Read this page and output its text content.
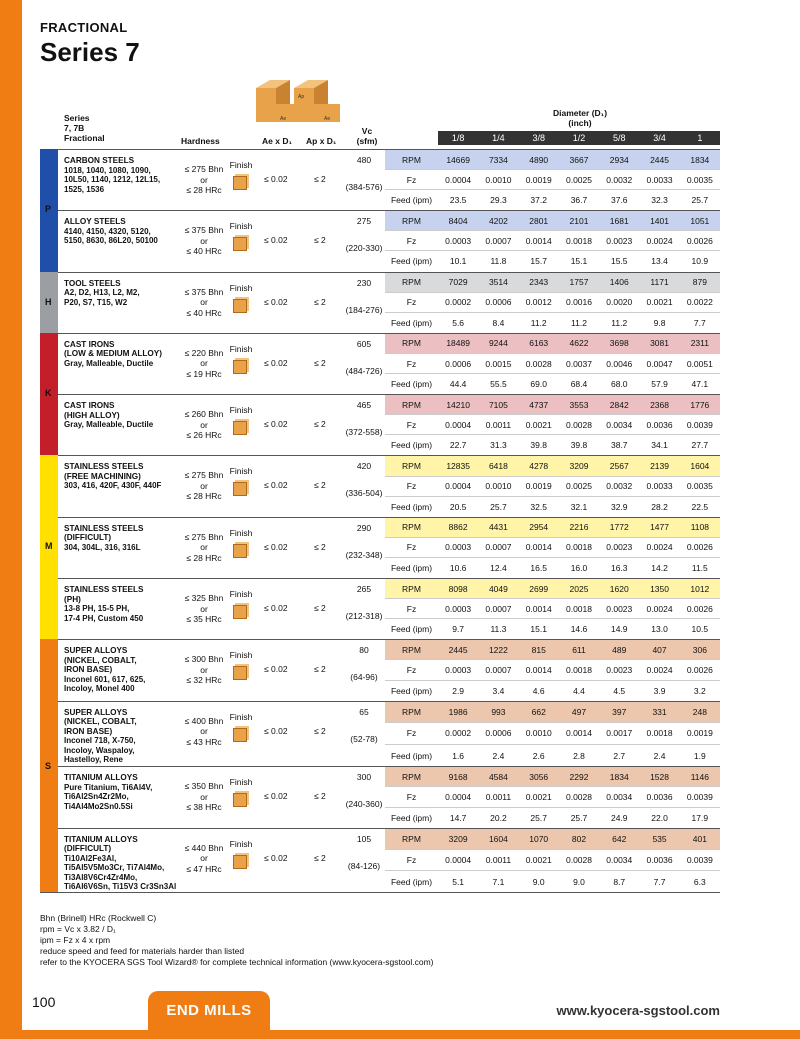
FRACTIONAL
Series 7
Ap
Ae	Ae
Series
7, 7B
Fractional	Hardness	Ae x D₁ Ap x D₁
Vc
(sfm)
Diameter (D₁)
(inch)
1/8	1/4	3/8	1/2	5/8	3/4	1
CARBON STEELS
1018, 1040, 1080, 1090,
10L50, 1140, 1212, 12L15,
1525, 1536
≤ 275 Bhn
or
≤ 28 HRc
Finish
≤ 0.02	≤ 2
480
(384-576)
RPM	14669	7334	4890	3667	2934	2445	1834
Fz	0.0004	0.0010	0.0019	0.0025	0.0032	0.0033	0.0035
Feed (ipm)	23.5	29.3	37.2	36.7	37.6	32.3	25.7
ALLOY STEELS
4140, 4150, 4320, 5120,
5150, 8630, 86L20, 50100
≤ 375 Bhn
or
≤ 40 HRc
Finish
≤ 0.02	≤ 2
275
(220-330)
RPM	8404	4202	2801	2101	1681	1401	1051
Fz	0.0003	0.0007	0.0014	0.0018	0.0023	0.0024	0.0026
Feed (ipm)	10.1	11.8	15.7	15.1	15.5	13.4	10.9
TOOL STEELS
A2, D2, H13, L2, M2,
P20, S7, T15, W2
≤ 375 Bhn
or
≤ 40 HRc
Finish
≤ 0.02	≤ 2
230
(184-276)
RPM	7029	3514	2343	1757	1406	1171	879
Fz	0.0002	0.0006	0.0012	0.0016	0.0020	0.0021	0.0022
Feed (ipm)	5.6	8.4	11.2	11.2	11.2	9.8	7.7
CAST IRONS
(LOW & MEDIUM ALLOY)
Gray, Malleable, Ductile
≤ 220 Bhn
or
≤ 19 HRc
Finish
≤ 0.02	≤ 2
605
(484-726)
RPM	18489	9244	6163	4622	3698	3081	2311
Fz	0.0006	0.0015	0.0028	0.0037	0.0046	0.0047	0.0051
Feed (ipm)	44.4	55.5	69.0	68.4	68.0	57.9	47.1
CAST IRONS
(HIGH ALLOY)
Gray, Malleable, Ductile
≤ 260 Bhn
or
≤ 26 HRc
Finish
≤ 0.02	≤ 2
465
(372-558)
RPM	14210	7105	4737	3553	2842	2368	1776
Fz	0.0004	0.0011	0.0021	0.0028	0.0034	0.0036	0.0039
Feed (ipm)	22.7	31.3	39.8	39.8	38.7	34.1	27.7
STAINLESS STEELS
(FREE MACHINING)
303, 416, 420F, 430F, 440F
≤ 275 Bhn
or
≤ 28 HRc
Finish
≤ 0.02	≤ 2
420
(336-504)
RPM	12835	6418	4278	3209	2567	2139	1604
Fz	0.0004	0.0010	0.0019	0.0025	0.0032	0.0033	0.0035
Feed (ipm)	20.5	25.7	32.5	32.1	32.9	28.2	22.5
STAINLESS STEELS
(DIFFICULT)
304, 304L, 316, 316L
≤ 275 Bhn
or
≤ 28 HRc
Finish
≤ 0.02	≤ 2
290
(232-348)
RPM	8862	4431	2954	2216	1772	1477	1108
Fz	0.0003	0.0007	0.0014	0.0018	0.0023	0.0024	0.0026
Feed (ipm)	10.6	12.4	16.5	16.0	16.3	14.2	11.5
STAINLESS STEELS
(PH)
13-8 PH, 15-5 PH,
17-4 PH, Custom 450
≤ 325 Bhn
or
≤ 35 HRc
Finish
≤ 0.02	≤ 2
265
(212-318)
RPM	8098	4049	2699	2025	1620	1350	1012
Fz	0.0003	0.0007	0.0014	0.0018	0.0023	0.0024	0.0026
Feed (ipm)	9.7	11.3	15.1	14.6	14.9	13.0	10.5
SUPER ALLOYS
(NICKEL, COBALT,
IRON BASE)
Inconel 601, 617, 625,
Incoloy, Monel 400
≤ 300 Bhn
or
≤ 32 HRc
Finish
≤ 0.02	≤ 2
80
(64-96)
RPM	2445	1222	815	611	489	407	306
Fz	0.0003	0.0007	0.0014	0.0018	0.0023	0.0024	0.0026
Feed (ipm)	2.9	3.4	4.6	4.4	4.5	3.9	3.2
SUPER ALLOYS
(NICKEL, COBALT,
IRON BASE)
Inconel 718, X-750,
Incoloy, Waspaloy,
Hastelloy, Rene
≤ 400 Bhn
or
≤ 43 HRc
Finish
≤ 0.02	≤ 2
65
(52-78)
RPM	1986	993	662	497	397	331	248
Fz	0.0002	0.0006	0.0010	0.0014	0.0017	0.0018	0.0019
Feed (ipm)	1.6	2.4	2.6	2.8	2.7	2.4	1.9
TITANIUM ALLOYS
Pure Titanium, Ti6Al4V,
Ti6Al2Sn4Zr2Mo,
Ti4Al4Mo2Sn0.5Si
≤ 350 Bhn
or
≤ 38 HRc
Finish
≤ 0.02	≤ 2
300
(240-360)
RPM	9168	4584	3056	2292	1834	1528	1146
Fz	0.0004	0.0011	0.0021	0.0028	0.0034	0.0036	0.0039
Feed (ipm)	14.7	20.2	25.7	25.7	24.9	22.0	17.9
TITANIUM ALLOYS
(DIFFICULT)
Ti10Al2Fe3Al,
Ti5Al5V5Mo3Cr, Ti7Al4Mo,
Ti3Al8V6Cr4Zr4Mo,
Ti6Al6V6Sn, Ti15V3 Cr3Sn3Al
≤ 440 Bhn
or
≤ 47 HRc
Finish
≤ 0.02	≤ 2
105
(84-126)
RPM	3209	1604	1070	802	642	535	401
Fz	0.0004	0.0011	0.0021	0.0028	0.0034	0.0036	0.0039
Feed (ipm)	5.1	7.1	9.0	9.0	8.7	7.7	6.3
Bhn (Brinell) HRc (Rockwell C)
rpm = Vc x 3.82 / D₁
ipm = Fz x 4 x rpm
reduce speed and feed for materials harder than listed
refer to the KYOCERA SGS Tool Wizard® for complete technical information (www.kyocera-sgstool.com)
100	END MILLS	www.kyocera-sgstool.com
P
H
K
M
S
